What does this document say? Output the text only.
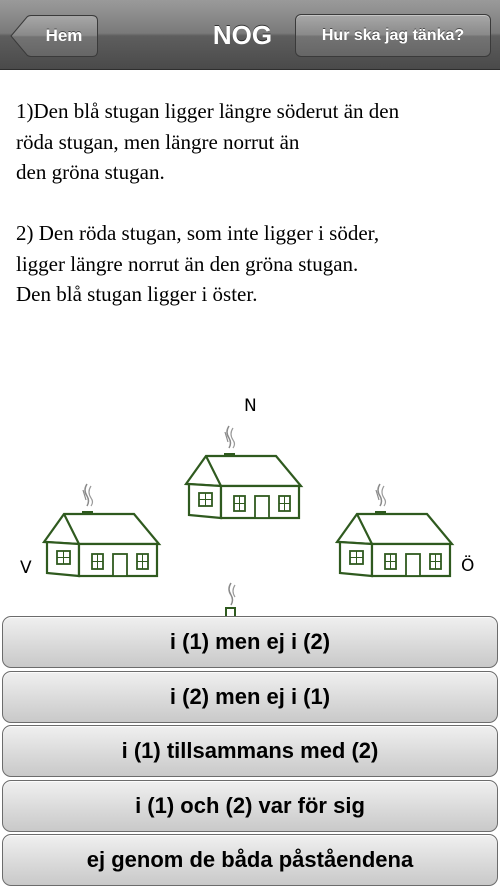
Hem	NOG	Hur ska jag tänka?
1)Den blå stugan ligger längre söderut än den
röda stugan, men längre norrut än
den gröna stugan.
2) Den röda stugan, som inte ligger i söder,
ligger längre norrut än den gröna stugan.
Den blå stugan ligger i öster.
N
V	Ö
i (1) men ej i (2)
i (2) men ej i (1)
i (1) tillsammans med (2)
i (1) och (2) var för sig
ej genom de båda påståendena
